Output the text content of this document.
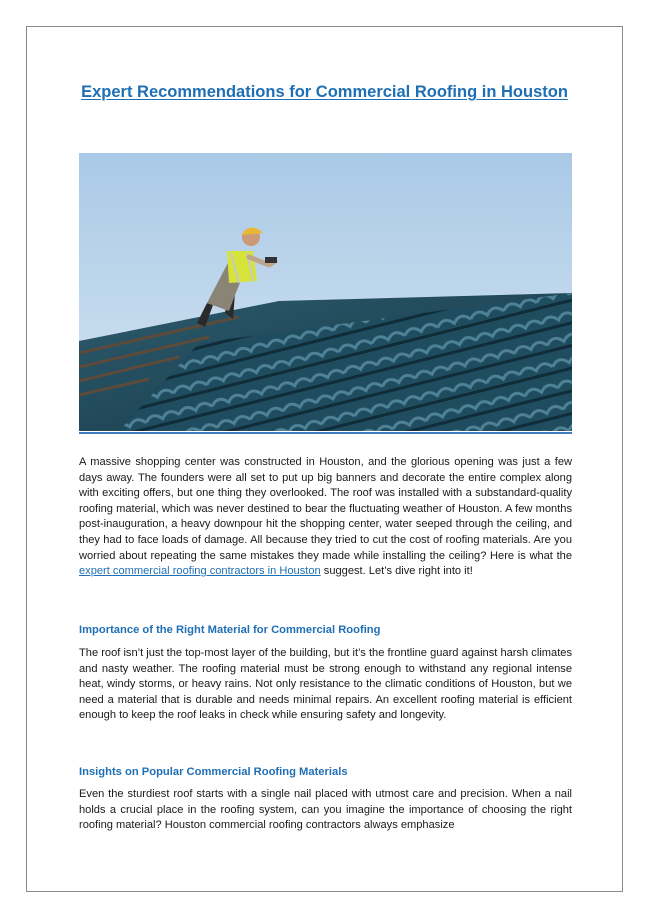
Expert Recommendations for Commercial Roofing in Houston

A massive shopping center was constructed in Houston, and the glorious opening was just a few days away. The founders were all set to put up big banners and decorate the entire complex along with exciting offers, but one thing they overlooked. The roof was installed with a substandard-quality roofing material, which was never destined to bear the fluctuating weather of Houston. A few months post-inauguration, a heavy downpour hit the shopping center, water seeped through the ceiling, and they had to face loads of damage. All because they tried to cut the cost of roofing materials. Are you worried about repeating the same mistakes they made while installing the ceiling? Here is what the expert commercial roofing contractors in Houston suggest. Let’s dive right into it!

Importance of the Right Material for Commercial Roofing

The roof isn’t just the top-most layer of the building, but it’s the frontline guard against harsh climates and nasty weather. The roofing material must be strong enough to withstand any regional intense heat, windy storms, or heavy rains. Not only resistance to the climatic conditions of Houston, but we need a material that is durable and needs minimal repairs. An excellent roofing material is efficient enough to keep the roof leaks in check while ensuring safety and longevity.

Insights on Popular Commercial Roofing Materials

Even the sturdiest roof starts with a single nail placed with utmost care and precision. When a nail holds a crucial place in the roofing system, can you imagine the importance of choosing the right roofing material? Houston commercial roofing contractors always emphasize
